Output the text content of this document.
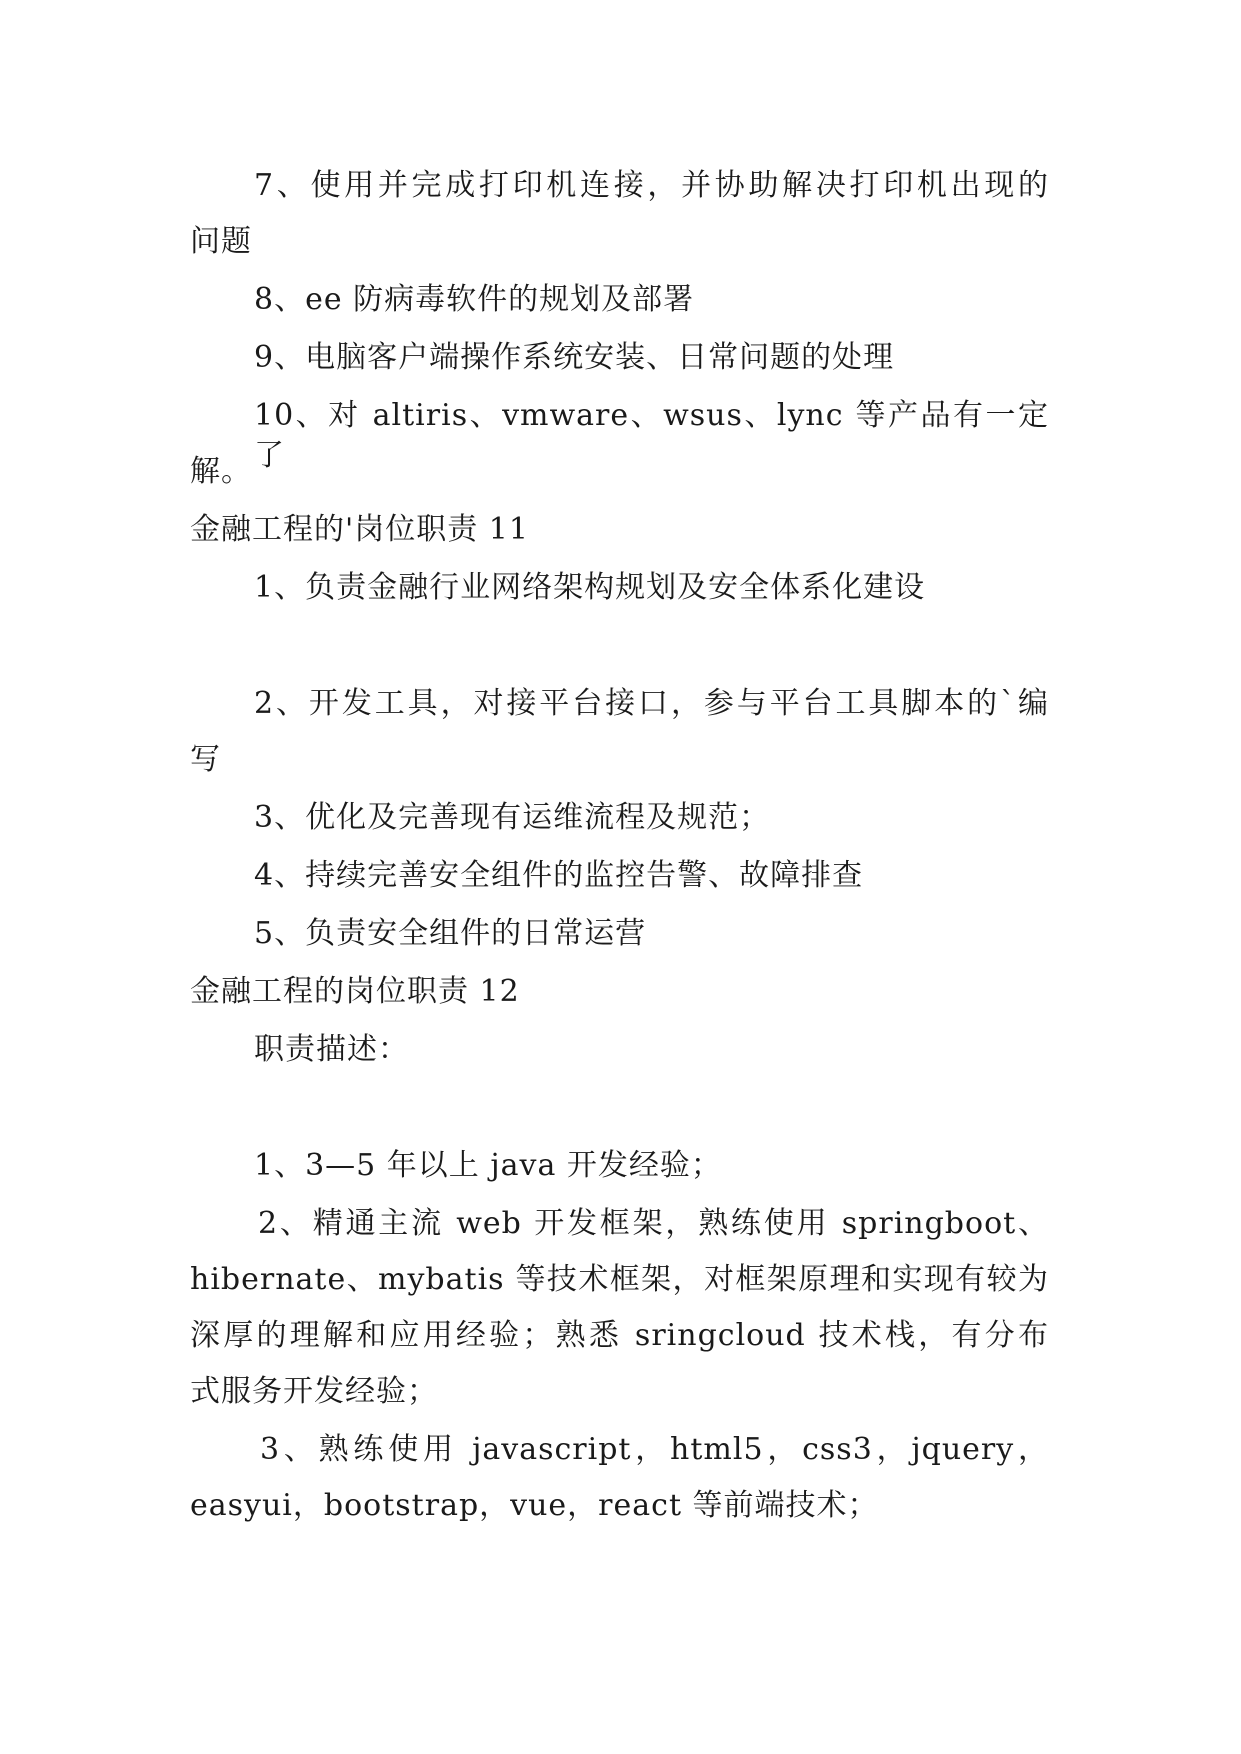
7、使用并完成打印机连接，并协助解决打印机出现的
问题
8、ee 防病毒软件的规划及部署
9、电脑客户端操作系统安装、日常问题的处理
10、对 altiris、vmware、wsus、lync 等产品有一定了
解。
金融工程的'岗位职责 11
1、负责金融行业网络架构规划及安全体系化建设
2、开发工具，对接平台接口，参与平台工具脚本的`编
写
3、优化及完善现有运维流程及规范；
4、持续完善安全组件的监控告警、故障排查
5、负责安全组件的日常运营
金融工程的岗位职责 12
职责描述：
1、3—5 年以上 java 开发经验；
2、精通主流 web 开发框架，熟练使用 springboot、
hibernate、mybatis 等技术框架，对框架原理和实现有较为
深厚的理解和应用经验；熟悉 sringcloud 技术栈，有分布
式服务开发经验；
3、熟练使用 javascript，html5，css3，jquery，
easyui，bootstrap，vue，react 等前端技术；
